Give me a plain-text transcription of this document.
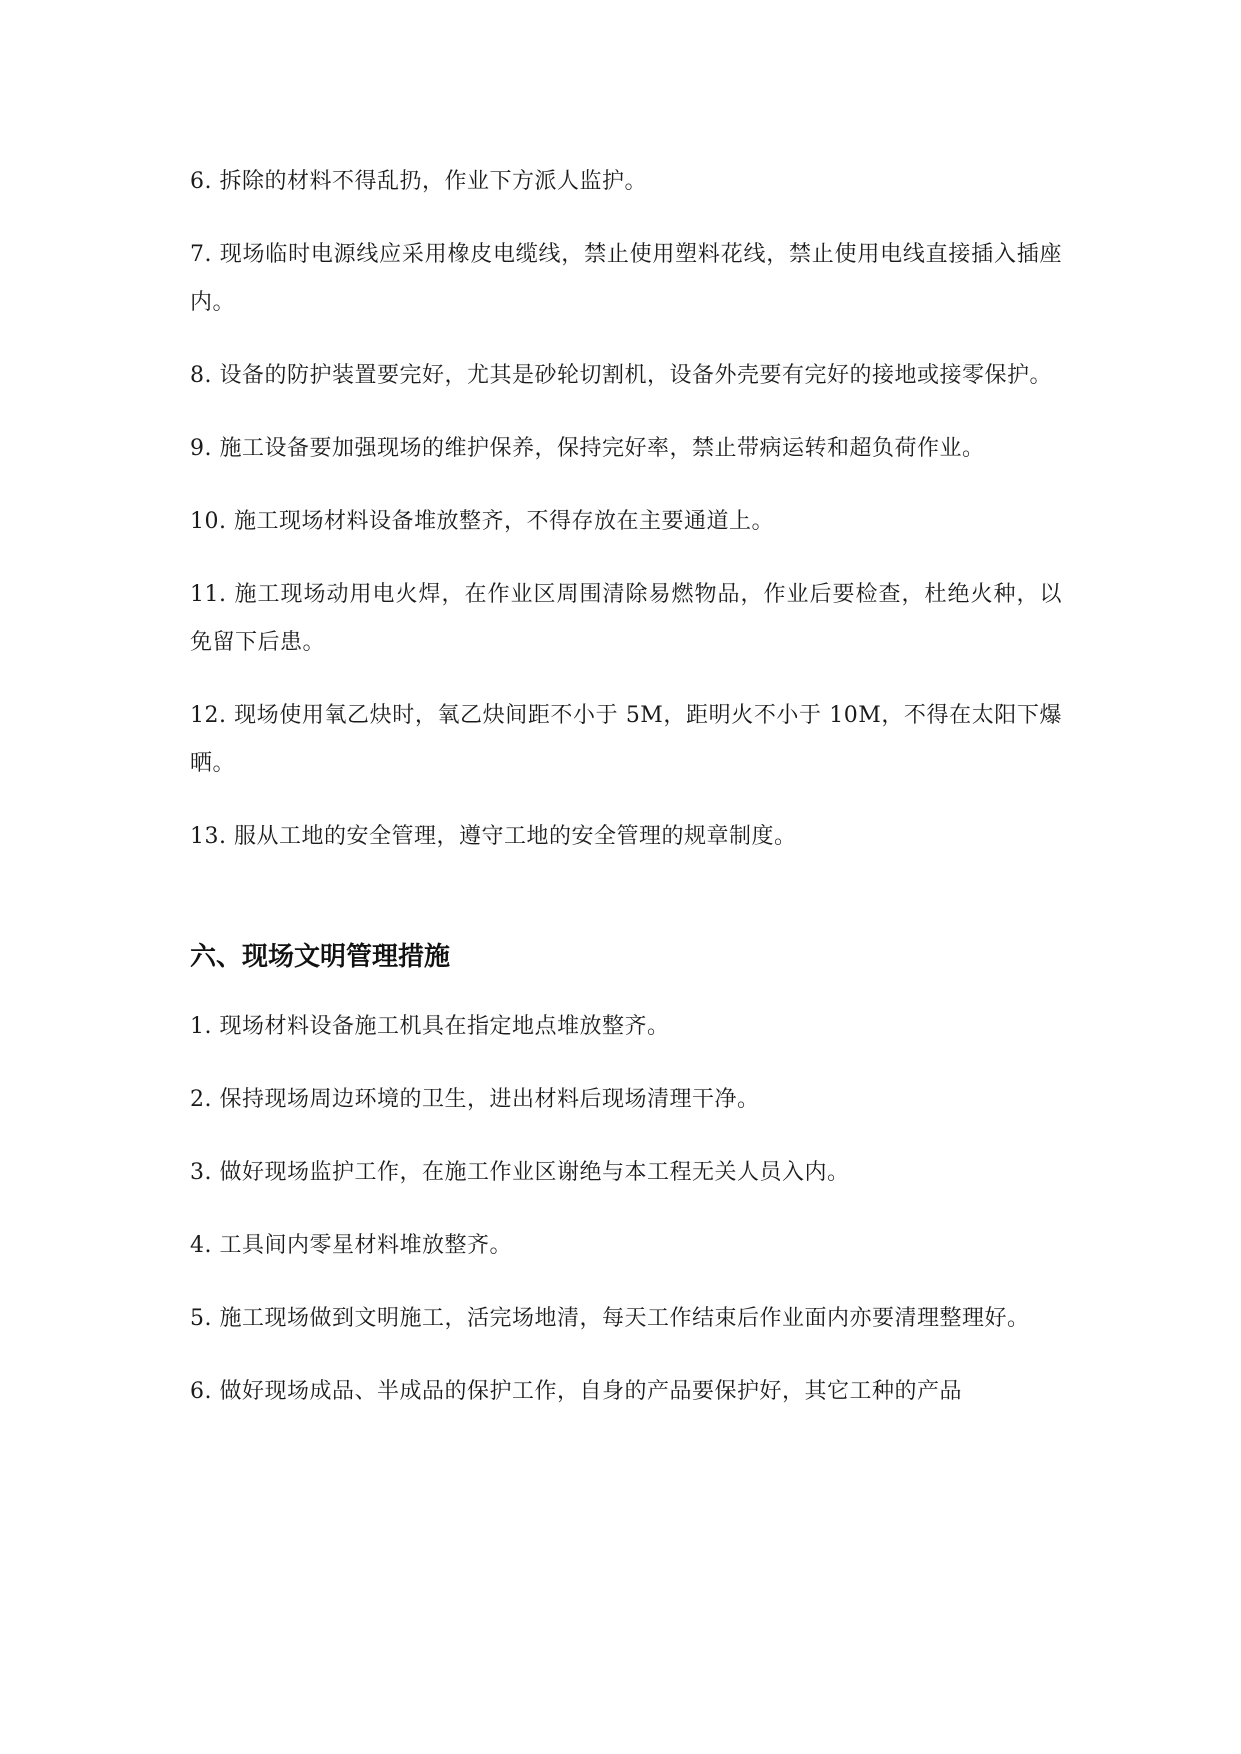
6. 拆除的材料不得乱扔，作业下方派人监护。

7. 现场临时电源线应采用橡皮电缆线，禁止使用塑料花线，禁止使用电线直接插入插座内。

8. 设备的防护装置要完好，尤其是砂轮切割机，设备外壳要有完好的接地或接零保护。

9. 施工设备要加强现场的维护保养，保持完好率，禁止带病运转和超负荷作业。

10. 施工现场材料设备堆放整齐，不得存放在主要通道上。

11. 施工现场动用电火焊，在作业区周围清除易燃物品，作业后要检查，杜绝火种，以免留下后患。

12. 现场使用氧乙炔时，氧乙炔间距不小于 5M，距明火不小于 10M，不得在太阳下爆晒。

13. 服从工地的安全管理，遵守工地的安全管理的规章制度。

六、现场文明管理措施

1. 现场材料设备施工机具在指定地点堆放整齐。

2. 保持现场周边环境的卫生，进出材料后现场清理干净。

3. 做好现场监护工作，在施工作业区谢绝与本工程无关人员入内。

4. 工具间内零星材料堆放整齐。

5. 施工现场做到文明施工，活完场地清，每天工作结束后作业面内亦要清理整理好。

6. 做好现场成品、半成品的保护工作，自身的产品要保护好，其它工种的产品
